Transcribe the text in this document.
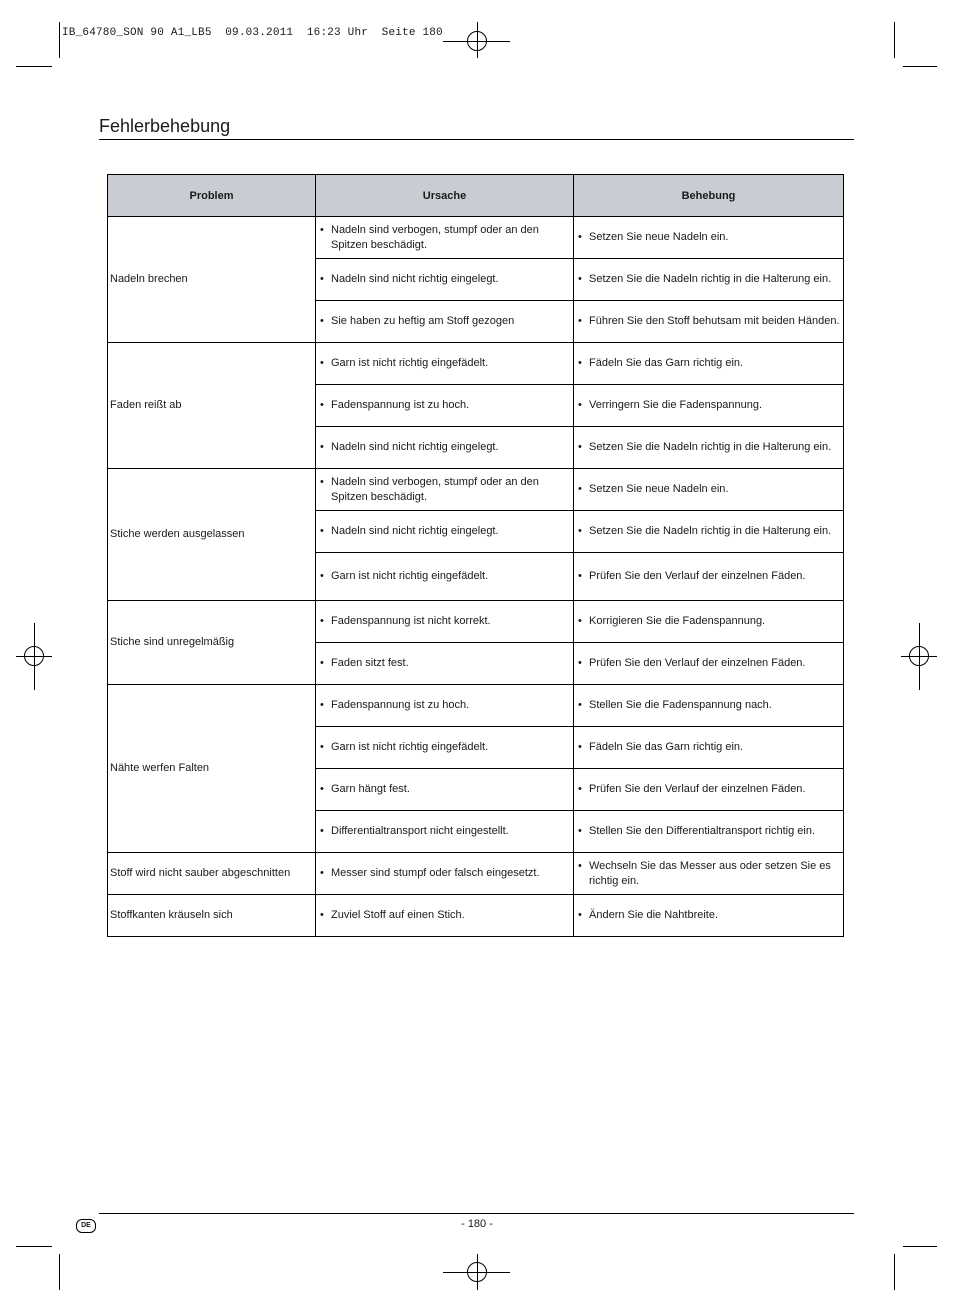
IB_64780_SON 90 A1_LB5  09.03.2011  16:23 Uhr  Seite 180
Fehlerbehebung
Problem	Ursache	Behebung

Nadeln brechen	• Nadeln sind verbogen, stumpf oder an den Spitzen beschädigt.	• Setzen Sie neue Nadeln ein.

	• Nadeln sind nicht richtig eingelegt.	• Setzen Sie die Nadeln richtig in die Halterung ein.

	• Sie haben zu heftig am Stoff gezogen	• Führen Sie den Stoff behutsam mit beiden Händen.

Faden reißt ab	• Garn ist nicht richtig eingefädelt.	• Fädeln Sie das Garn richtig ein.

	• Fadenspannung ist zu hoch.	• Verringern Sie die Fadenspannung.

	• Nadeln sind nicht richtig eingelegt.	• Setzen Sie die Nadeln richtig in die Halterung ein.

Stiche werden ausgelassen	• Nadeln sind verbogen, stumpf oder an den Spitzen beschädigt.	• Setzen Sie neue Nadeln ein.

	• Nadeln sind nicht richtig eingelegt.	• Setzen Sie die Nadeln richtig in die Halterung ein.

	• Garn ist nicht richtig eingefädelt.	• Prüfen Sie den Verlauf der einzelnen Fäden.

Stiche sind unregelmäßig	• Fadenspannung ist nicht korrekt.	• Korrigieren Sie die Fadenspannung.

	• Faden sitzt fest.	• Prüfen Sie den Verlauf der einzelnen Fäden.

Nähte werfen Falten	• Fadenspannung ist zu hoch.	• Stellen Sie die Fadenspannung nach.

	• Garn ist nicht richtig eingefädelt.	• Fädeln Sie das Garn richtig ein.

	• Garn hängt fest.	• Prüfen Sie den Verlauf der einzelnen Fäden.

	• Differentialtransport nicht eingestellt.	• Stellen Sie den Differentialtransport richtig ein.

Stoff wird nicht sauber abgeschnitten	• Messer sind stumpf oder falsch eingesetzt.	• Wechseln Sie das Messer aus oder setzen Sie es richtig ein.

Stoffkanten kräuseln sich	• Zuviel Stoff auf einen Stich.	• Ändern Sie die Nahtbreite.
DE	- 180 -
